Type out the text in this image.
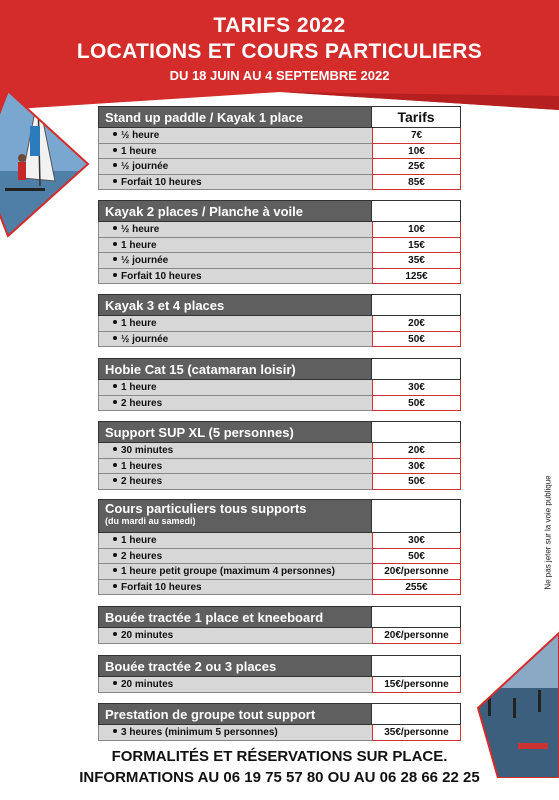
TARIFS 2022
LOCATIONS ET COURS PARTICULIERS
DU 18 JUIN AU 4 SEPTEMBRE 2022
Stand up paddle / Kayak 1 place	Tarifs
½ heure	7€
1 heure	10€
½ journée	25€
Forfait 10 heures	85€
Kayak 2 places / Planche à voile
½ heure	10€
1 heure	15€
½ journée	35€
Forfait 10 heures	125€
Kayak 3 et 4 places
1 heure	20€
½ journée	50€
Hobie Cat 15 (catamaran loisir)
1 heure	30€
2 heures	50€
Support SUP XL (5 personnes)
30 minutes	20€
1 heures	30€
2 heures	50€
Cours particuliers tous supports
(du mardi au samedi)
1 heure	30€
2 heures	50€
1 heure petit groupe (maximum 4 personnes)	20€/personne
Forfait 10 heures	255€
Bouée tractée 1 place et kneeboard
20 minutes	20€/personne
Bouée tractée 2 ou 3 places
20 minutes	15€/personne
Prestation de groupe tout support
3 heures (minimum 5 personnes)	35€/personne
Ne pas jeter sur la voie publique
FORMALITÉS ET RÉSERVATIONS SUR PLACE.
INFORMATIONS AU 06 19 75 57 80 OU AU 06 28 66 22 25
